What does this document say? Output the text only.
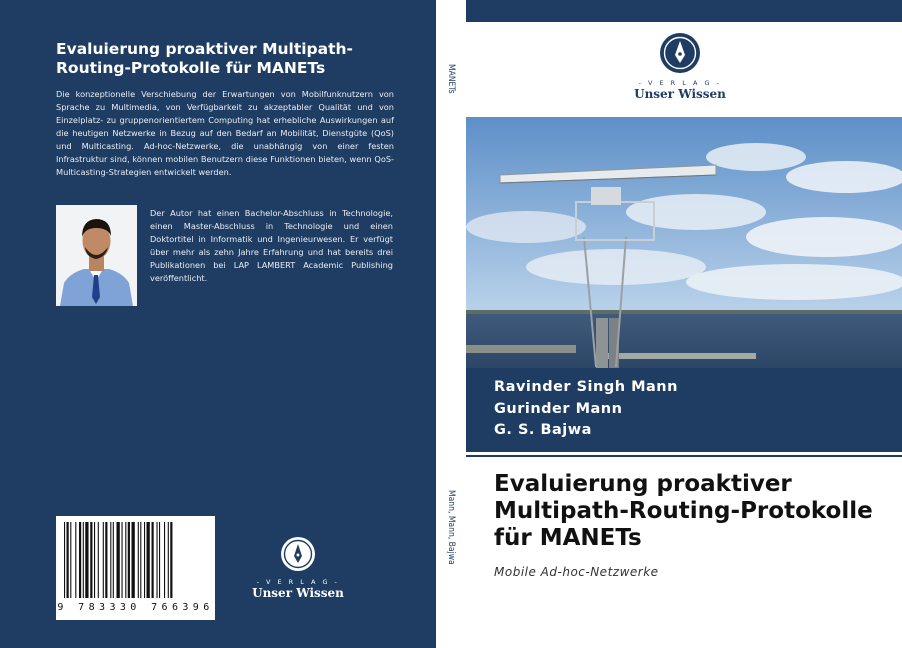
Evaluierung proaktiver Multipath-Routing-Protokolle für MANETs

Die konzeptionelle Verschiebung der Erwartungen von Mobilfunknutzern von Sprache zu Multimedia, von Verfügbarkeit zu akzeptabler Qualität und von Einzelplatz- zu gruppenorientiertem Computing hat erhebliche Auswirkungen auf die heutigen Netzwerke in Bezug auf den Bedarf an Mobilität, Dienstgüte (QoS) und Multicasting. Ad-hoc-Netzwerke, die unabhängig von einer festen Infrastruktur sind, können mobilen Benutzern diese Funktionen bieten, wenn QoS-Multicasting-Strategien entwickelt werden.

Der Autor hat einen Bachelor-Abschluss in Technologie, einen Master-Abschluss in Technologie und einen Doktortitel in Informatik und Ingenieurwesen. Er verfügt über mehr als zehn Jahre Erfahrung und hat bereits drei Publikationen bei LAP LAMBERT Academic Publishing veröffentlicht.

9 783330 766396
- V E R L A G -
Unser Wissen
MANETs
Mann, Mann, Bajwa
- V E R L A G -
Unser Wissen
Ravinder Singh Mann
Gurinder Mann
G. S. Bajwa
Evaluierung proaktiver Multipath-Routing-Protokolle für MANETs
Mobile Ad-hoc-Netzwerke
